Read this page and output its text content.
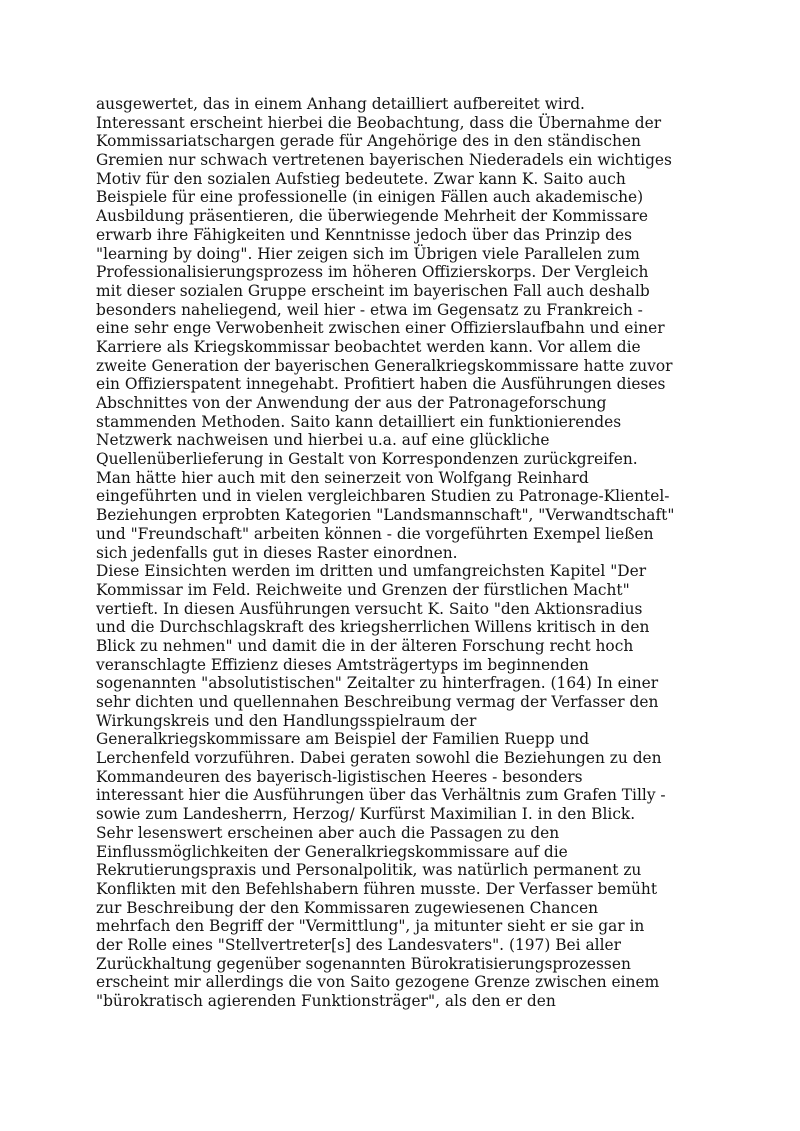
ausgewertet, das in einem Anhang detailliert aufbereitet wird.
Interessant erscheint hierbei die Beobachtung, dass die Übernahme der
Kommissariatschargen gerade für Angehörige des in den ständischen
Gremien nur schwach vertretenen bayerischen Niederadels ein wichtiges
Motiv für den sozialen Aufstieg bedeutete. Zwar kann K. Saito auch
Beispiele für eine professionelle (in einigen Fällen auch akademische)
Ausbildung präsentieren, die überwiegende Mehrheit der Kommissare
erwarb ihre Fähigkeiten und Kenntnisse jedoch über das Prinzip des
"learning by doing". Hier zeigen sich im Übrigen viele Parallelen zum
Professionalisierungsprozess im höheren Offizierskorps. Der Vergleich
mit dieser sozialen Gruppe erscheint im bayerischen Fall auch deshalb
besonders naheliegend, weil hier - etwa im Gegensatz zu Frankreich -
eine sehr enge Verwobenheit zwischen einer Offizierslaufbahn und einer
Karriere als Kriegskommissar beobachtet werden kann. Vor allem die
zweite Generation der bayerischen Generalkriegskommissare hatte zuvor
ein Offizierspatent innegehabt. Profitiert haben die Ausführungen dieses
Abschnittes von der Anwendung der aus der Patronageforschung
stammenden Methoden. Saito kann detailliert ein funktionierendes
Netzwerk nachweisen und hierbei u.a. auf eine glückliche
Quellenüberlieferung in Gestalt von Korrespondenzen zurückgreifen.
Man hätte hier auch mit den seinerzeit von Wolfgang Reinhard
eingeführten und in vielen vergleichbaren Studien zu Patronage-Klientel-
Beziehungen erprobten Kategorien "Landsmannschaft", "Verwandtschaft"
und "Freundschaft" arbeiten können - die vorgeführten Exempel ließen
sich jedenfalls gut in dieses Raster einordnen.
Diese Einsichten werden im dritten und umfangreichsten Kapitel "Der
Kommissar im Feld. Reichweite und Grenzen der fürstlichen Macht"
vertieft. In diesen Ausführungen versucht K. Saito "den Aktionsradius
und die Durchschlagskraft des kriegsherrlichen Willens kritisch in den
Blick zu nehmen" und damit die in der älteren Forschung recht hoch
veranschlagte Effizienz dieses Amtsträgertyps im beginnenden
sogenannten "absolutistischen" Zeitalter zu hinterfragen. (164) In einer
sehr dichten und quellennahen Beschreibung vermag der Verfasser den
Wirkungskreis und den Handlungsspielraum der
Generalkriegskommissare am Beispiel der Familien Ruepp und
Lerchenfeld vorzuführen. Dabei geraten sowohl die Beziehungen zu den
Kommandeuren des bayerisch-ligistischen Heeres - besonders
interessant hier die Ausführungen über das Verhältnis zum Grafen Tilly -
sowie zum Landesherrn, Herzog/ Kurfürst Maximilian I. in den Blick.
Sehr lesenswert erscheinen aber auch die Passagen zu den
Einflussmöglichkeiten der Generalkriegskommissare auf die
Rekrutierungspraxis und Personalpolitik, was natürlich permanent zu
Konflikten mit den Befehlshabern führen musste. Der Verfasser bemüht
zur Beschreibung der den Kommissaren zugewiesenen Chancen
mehrfach den Begriff der "Vermittlung", ja mitunter sieht er sie gar in
der Rolle eines "Stellvertreter[s] des Landesvaters". (197) Bei aller
Zurückhaltung gegenüber sogenannten Bürokratisierungsprozessen
erscheint mir allerdings die von Saito gezogene Grenze zwischen einem
"bürokratisch agierenden Funktionsträger", als den er den
